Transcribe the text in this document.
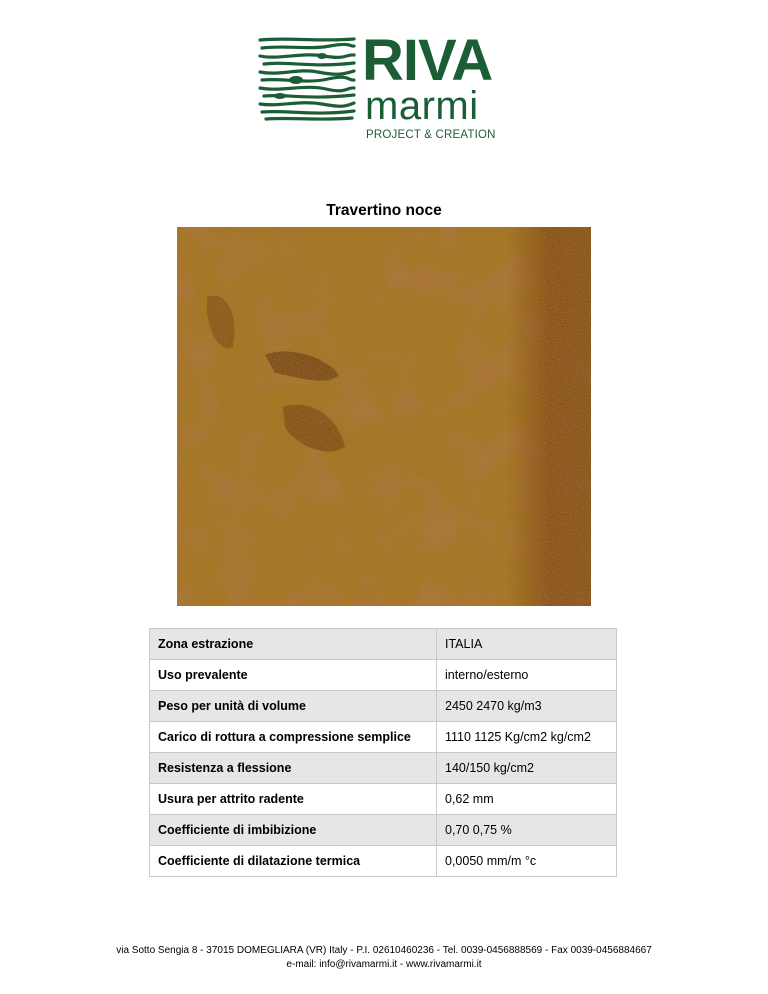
RIVA
marmi
PROJECT & CREATION
Travertino noce
Zona estrazione	ITALIA
Uso prevalente	interno/esterno
Peso per unità di volume	2450 2470 kg/m3
Carico di rottura a compressione semplice	1110 1125 Kg/cm2 kg/cm2
Resistenza a flessione	140/150 kg/cm2
Usura per attrito radente	0,62 mm
Coefficiente di imbibizione	0,70 0,75 %
Coefficiente di dilatazione termica	0,0050 mm/m °c
via Sotto Sengia 8 - 37015 DOMEGLIARA (VR) Italy - P.I. 02610460236 - Tel. 0039-0456888569 - Fax 0039-0456884667
e-mail: info@rivamarmi.it - www.rivamarmi.it
